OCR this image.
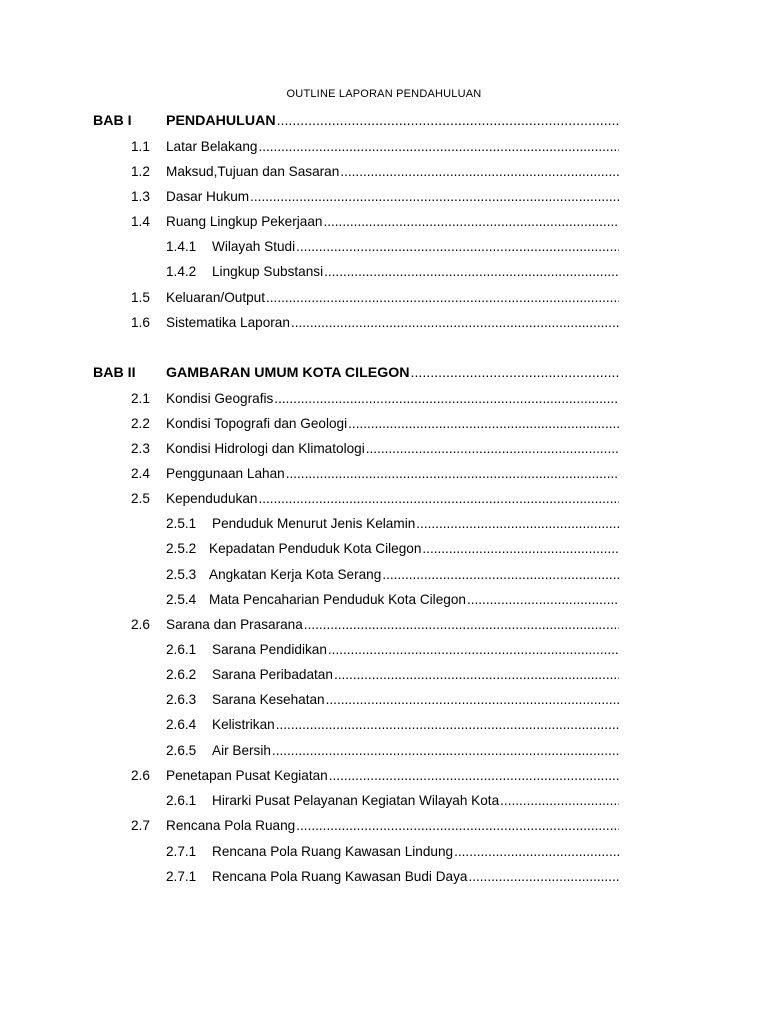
OUTLINE LAPORAN PENDAHULUAN
BAB I	PENDAHULUAN
.....
1.1	Latar Belakang
.....
1.2	Maksud,Tujuan dan Sasaran
.....
1.3	Dasar Hukum
.....
1.4	Ruang Lingkup Pekerjaan
.....
1.4.1	Wilayah Studi
.....
1.4.2	Lingkup Substansi
.....
1.5	Keluaran/Output
.....
1.6	Sistematika Laporan
.....
BAB II	GAMBARAN UMUM KOTA CILEGON
.....
2.1	Kondisi Geografis
.....
2.2	Kondisi Topografi dan Geologi
.....
2.3	Kondisi Hidrologi dan Klimatologi
.....
2.4	Penggunaan Lahan
.....
2.5	Kependudukan
.....
2.5.1	Penduduk Menurut Jenis Kelamin
.....
2.5.2 Kepadatan Penduduk Kota Cilegon
.....
2.5.3 Angkatan Kerja Kota Serang
.....
2.5.4 Mata Pencaharian Penduduk Kota Cilegon
.....
2.6	Sarana dan Prasarana
.....
2.6.1	Sarana Pendidikan
.....
2.6.2	Sarana Peribadatan
.....
2.6.3	Sarana Kesehatan
.....
2.6.4	Kelistrikan
.....
2.6.5	Air Bersih
.....
2.6	Penetapan Pusat Kegiatan
.....
2.6.1	Hirarki Pusat Pelayanan Kegiatan Wilayah Kota
.....
2.7	Rencana Pola Ruang
.....
2.7.1	Rencana Pola Ruang Kawasan Lindung
.....
2.7.1	Rencana Pola Ruang Kawasan Budi Daya
.....
